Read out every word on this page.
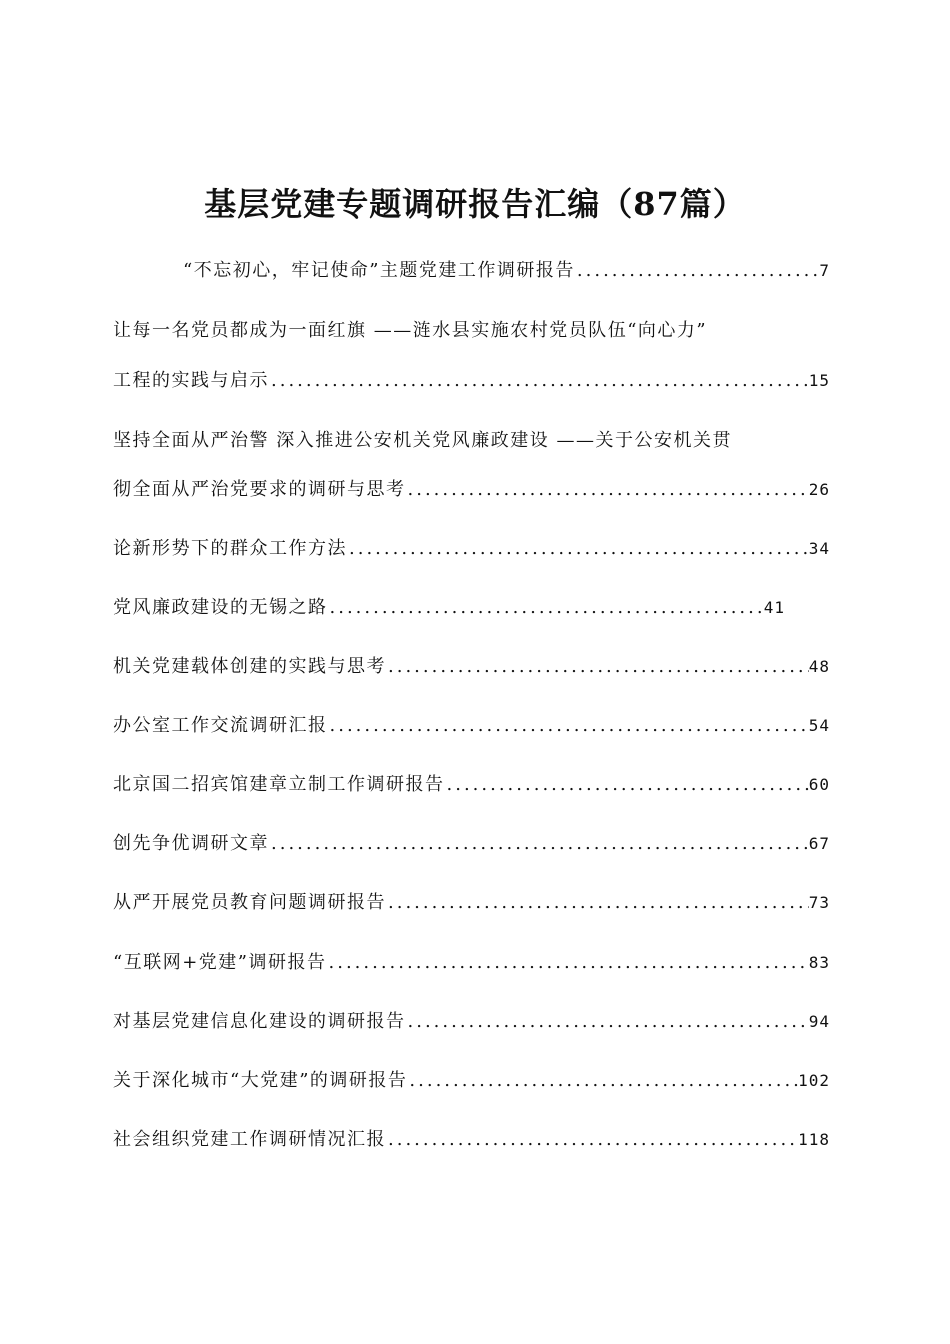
基层党建专题调研报告汇编（87篇）
“不忘初心，牢记使命”主题党建工作调研报告 .....	7
让每一名党员都成为一面红旗 ——涟水县实施农村党员队伍“向心力”
工程的实践与启示 .....	15
坚持全面从严治警 深入推进公安机关党风廉政建设 ——关于公安机关贯
彻全面从严治党要求的调研与思考 .....	26
论新形势下的群众工作方法 .....	34
党风廉政建设的无锡之路 .....	41
机关党建载体创建的实践与思考 .....	48
办公室工作交流调研汇报 .....	54
北京国二招宾馆建章立制工作调研报告 .....	60
创先争优调研文章 .....	67
从严开展党员教育问题调研报告 .....	73
“互联网+党建”调研报告 .....	83
对基层党建信息化建设的调研报告 .....	94
关于深化城市“大党建”的调研报告 .....	102
社会组织党建工作调研情况汇报 .....	118
